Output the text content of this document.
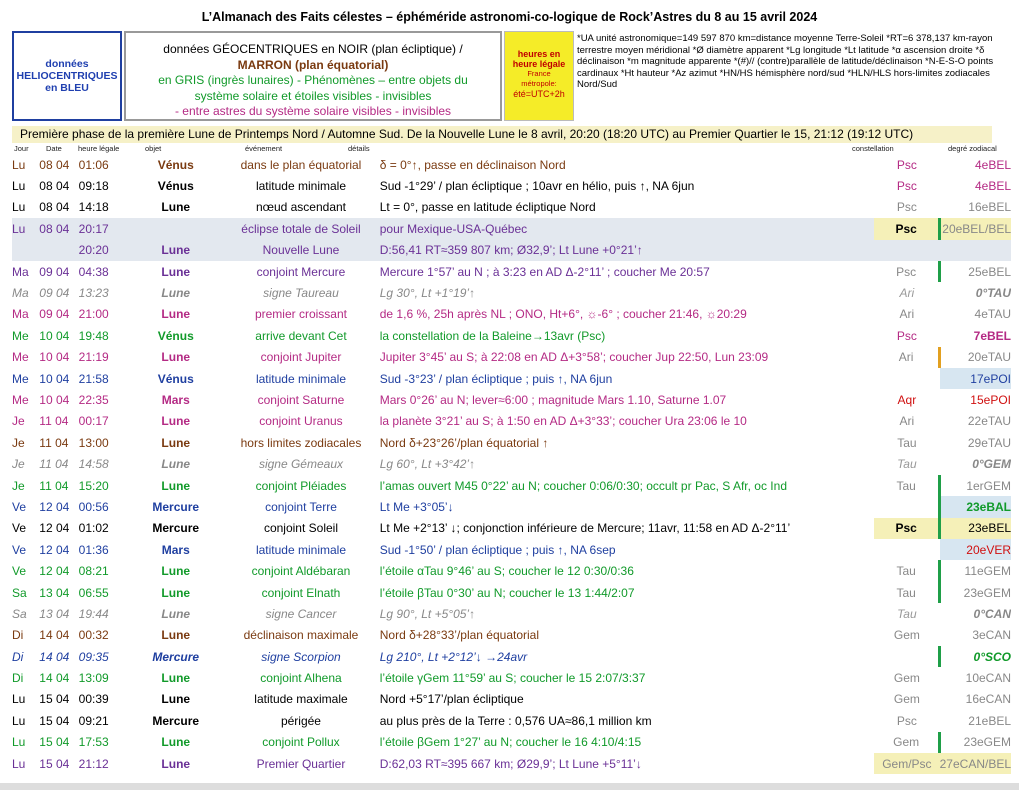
L’Almanach des Faits célestes – éphéméride astronomi-co-logique de Rock’Astres du 8 au 15 avril 2024
données HELIOCENTRIQUES en BLEU
données GÉOCENTRIQUES en NOIR (plan écliptique) /
MARRON (plan équatorial)
en GRIS (ingrès lunaires) - Phénomènes – entre objets du
système solaire et étoiles visibles - invisibles
- entre astres du système solaire visibles - invisibles
heures en
heure légale
France
métropole:
été=UTC+2h
*UA unité astronomique=149 597 870 km=distance moyenne Terre-Soleil *RT=6 378,137 km-rayon terrestre moyen méridional *Ø diamètre apparent *Lg longitude *Lt latitude *α ascension droite *δ déclinaison *m magnitude apparente *(#)// (contre)parallèle de latitude/déclinaison *N-E-S-O points cardinaux *Ht hauteur *Az azimut *HN/HS hémisphère nord/sud *HLN/HLS hors-limites zodiacales Nord/Sud
Première phase de la première Lune de Printemps Nord / Automne Sud. De la Nouvelle Lune le 8 avril, 20:20 (18:20 UTC) au Premier Quartier le 15, 21:12 (19:12 UTC)
Jour Date heure légale	objet	événement	détails	constellation	degré zodiacal
Lu	08 04	01:06	Vénus	dans le plan équatorial	δ = 0°↑, passe en déclinaison Nord	Psc	4eBEL
Lu	08 04	09:18	Vénus	latitude minimale	Sud -1°29’ / plan écliptique ; 10avr en hélio, puis ↑, NA 6jun	Psc	4eBEL
Lu	08 04	14:18	Lune	nœud ascendant	Lt = 0°, passe en latitude écliptique Nord	Psc	16eBEL
Lu	08 04	20:17		éclipse totale de Soleil	pour Mexique-USA-Québec	Psc	20eBEL/BEL
		20:20	Lune	Nouvelle Lune	D:56,41 RT≈359 807 km; Ø32,9’; Lt Lune +0°21’↑		
Ma	09 04	04:38	Lune	conjoint Mercure	Mercure 1°57’ au N ; à 3:23 en AD Δ-2°11’ ; coucher Me 20:57	Psc	25eBEL
Ma	09 04	13:23	Lune	signe Taureau	Lg 30°, Lt +1°19’↑	Ari	0°TAU
Ma	09 04	21:00	Lune	premier croissant	de 1,6 %, 25h après NL ; ONO, Ht+6°, ☼-6° ; coucher 21:46, ☼20:29	Ari	4eTAU
Me	10 04	19:48	Vénus	arrive devant Cet	la constellation de la Baleine→13avr (Psc)	Psc	7eBEL
Me	10 04	21:19	Lune	conjoint Jupiter	Jupiter 3°45’ au S; à 22:08 en AD Δ+3°58’; coucher Jup 22:50, Lun 23:09	Ari	20eTAU
Me	10 04	21:58	Vénus	latitude minimale	Sud -3°23’ / plan écliptique ; puis ↑, NA 6jun		17ePOI
Me	10 04	22:35	Mars	conjoint Saturne	Mars 0°26’ au N; lever≈6:00 ; magnitude Mars 1.10, Saturne 1.07	Aqr	15ePOI
Je	11 04	00:17	Lune	conjoint Uranus	la planète 3°21’ au S; à 1:50 en AD Δ+3°33’; coucher Ura 23:06 le 10	Ari	22eTAU
Je	11 04	13:00	Lune	hors limites zodiacales	Nord δ+23°26’/plan équatorial ↑	Tau	29eTAU
Je	11 04	14:58	Lune	signe Gémeaux	Lg 60°, Lt +3°42’↑	Tau	0°GEM
Je	11 04	15:20	Lune	conjoint Pléiades	l’amas ouvert M45 0°22’ au N; coucher 0:06/0:30; occult pr Pac, S Afr, oc Ind	Tau	1erGEM
Ve	12 04	00:56	Mercure	conjoint Terre	Lt Me +3°05’↓		23eBAL
Ve	12 04	01:02	Mercure	conjoint Soleil	Lt Me +2°13’ ↓; conjonction inférieure de Mercure; 11avr, 11:58 en AD Δ-2°11’	Psc	23eBEL
Ve	12 04	01:36	Mars	latitude minimale	Sud -1°50’ / plan écliptique ; puis ↑, NA 6sep		20eVER
Ve	12 04	08:21	Lune	conjoint Aldébaran	l’étoile αTau 9°46’ au S; coucher le 12 0:30/0:36	Tau	11eGEM
Sa	13 04	06:55	Lune	conjoint Elnath	l’étoile βTau 0°30’ au N; coucher le 13 1:44/2:07	Tau	23eGEM
Sa	13 04	19:44	Lune	signe Cancer	Lg 90°, Lt +5°05’↑	Tau	0°CAN
Di	14 04	00:32	Lune	déclinaison maximale	Nord δ+28°33’/plan équatorial	Gem	3eCAN
Di	14 04	09:35	Mercure	signe Scorpion	Lg 210°, Lt +2°12’↓ →24avr		0°SCO
Di	14 04	13:09	Lune	conjoint Alhena	l’étoile γGem 11°59’ au S; coucher le 15 2:07/3:37	Gem	10eCAN
Lu	15 04	00:39	Lune	latitude maximale	Nord +5°17’/plan écliptique	Gem	16eCAN
Lu	15 04	09:21	Mercure	périgée	au plus près de la Terre : 0,576 UA≈86,1 million km	Psc	21eBEL
Lu	15 04	17:53	Lune	conjoint Pollux	l’étoile βGem 1°27’ au N; coucher le 16 4:10/4:15	Gem	23eGEM
Lu	15 04	21:12	Lune	Premier Quartier	D:62,03 RT≈395 667 km; Ø29,9’; Lt Lune +5°11’↓	Gem/Psc	27eCAN/BEL
